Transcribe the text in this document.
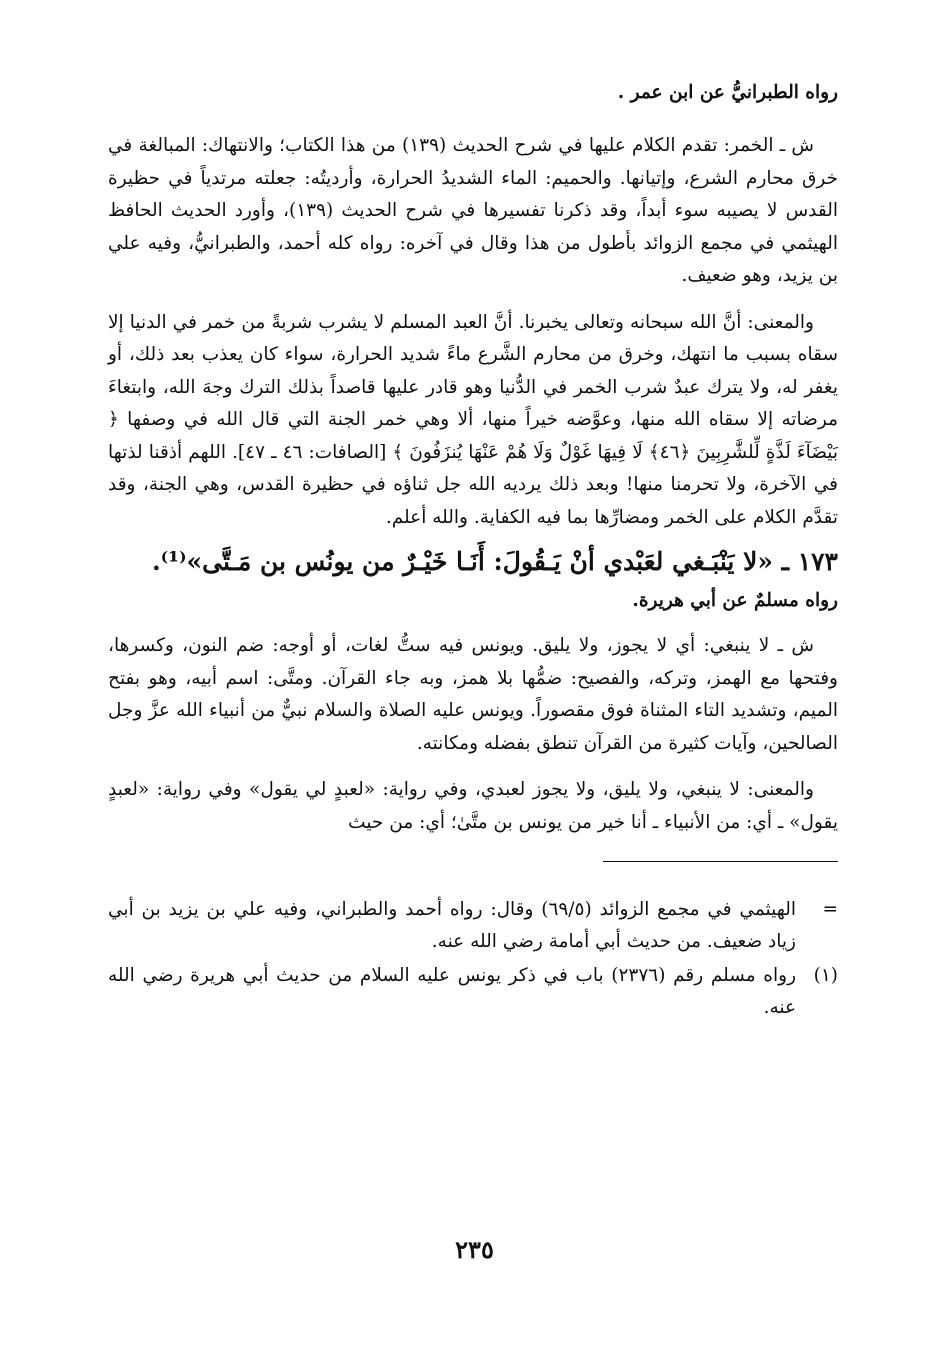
رواه الطبرانيُّ عن ابن عمر .

ش ـ الخمر: تقدم الكلام عليها في شرح الحديث (١٣٩) من هذا الكتاب؛ والانتهاك: المبالغة في خرق محارم الشرع، وإتيانها. والحميم: الماء الشديدُ الحرارة، وأرديتُه: جعلته مرتدياً في حظيرة القدس لا يصيبه سوء أبداً، وقد ذكرنا تفسيرها في شرح الحديث (١٣٩)، وأورد الحديث الحافظ الهيثمي في مجمع الزوائد بأطول من هذا وقال في آخره: رواه كله أحمد، والطبرانيُّ، وفيه علي بن يزيد، وهو ضعيف.

والمعنى: أنَّ الله سبحانه وتعالى يخبرنا. أنَّ العبد المسلم لا يشرب شربةً من خمر في الدنيا إلا سقاه بسبب ما انتهك، وخرق من محارم الشَّرع ماءً شديد الحرارة، سواء كان يعذب بعد ذلك، أو يغفر له، ولا يترك عبدٌ شرب الخمر في الدُّنيا وهو قادر عليها قاصداً بذلك الترك وجهَ الله، وابتغاءَ مرضاته إلا سقاه الله منها، وعوَّضه خيراً منها، ألا وهي خمر الجنة التي قال الله في وصفها ﴿ بَيْضَآءَ لَذَّةٍ لِّلشَّٰرِبِينَ ﴿٤٦﴾ لَا فِيهَا غَوْلٌ وَلَا هُمْ عَنْهَا يُنزَفُونَ ﴾ [الصافات: ٤٦ ـ ٤٧]. اللهم أذقنا لذتها في الآخرة، ولا تحرمنا منها! وبعد ذلك يرديه الله جل ثناؤه في حظيرة القدس، وهي الجنة، وقد تقدَّم الكلام على الخمر ومضارِّها بما فيه الكفاية. والله أعلم.

١٧٣ ـ «لا يَنْبَـغي لعَبْدي أنْ يَـقُولَ: أَنَـا خَيْـرٌ من يونُس بن مَـتَّى»⁽¹⁾.

رواه مسلمٌ عن أبي هريرة.

ش ـ لا ينبغي: أي لا يجوز، ولا يليق. ويونس فيه ستُّ لغات، أو أوجه: ضم النون، وكسرها، وفتحها مع الهمز، وتركه، والفصيح: ضمُّها بلا همز، وبه جاء القرآن. ومتَّى: اسم أبيه، وهو بفتح الميم، وتشديد التاء المثناة فوق مقصوراً. ويونس عليه الصلاة والسلام نبيٌّ من أنبياء الله عزَّ وجل الصالحين، وآيات كثيرة من القرآن تنطق بفضله ومكانته.

والمعنى: لا ينبغي، ولا يليق، ولا يجوز لعبدي، وفي رواية: «لعبدٍ لي يقول» وفي رواية: «لعبدٍ يقول» ـ أي: من الأنبياء ـ أنا خير من يونس بن متَّىٰ؛ أي: من حيث

=
الهيثمي في مجمع الزوائد (٦٩/٥) وقال: رواه أحمد والطبراني، وفيه علي بن يزيد بن أبي زياد ضعيف. من حديث أبي أمامة رضي الله عنه.
(١)
رواه مسلم رقم (٢٣٧٦) باب في ذكر يونس عليه السلام من حديث أبي هريرة رضي الله عنه.
٢٣٥
